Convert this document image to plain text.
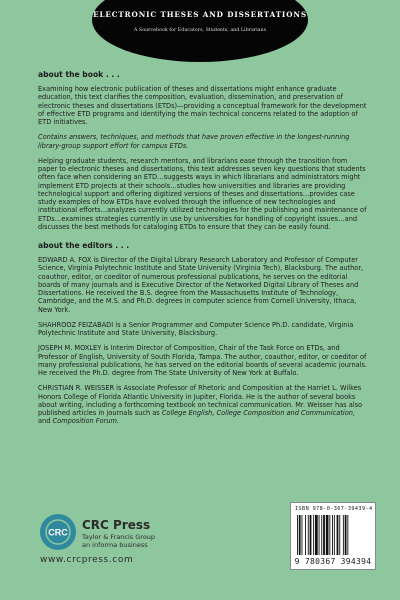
ELECTRONIC THESES AND DISSERTATIONS
A Sourcebook for Educators, Students, and Librarians
about the book . . .
Examining how electronic publication of theses and dissertations might enhance graduate education, this text clarifies the composition, evaluation, dissemination, and preservation of electronic theses and dissertations (ETDs)—providing a conceptual framework for the development of effective ETD programs and identifying the main technical concerns related to the adoption of ETD initiatives.
Contains answers, techniques, and methods that have proven effective in the longest-running library-group support effort for campus ETDs.
Helping graduate students, research mentors, and librarians ease through the transition from paper to electronic theses and dissertations, this text addresses seven key questions that students often face when considering an ETD…suggests ways in which librarians and administrators might implement ETD projects at their schools…studies how universities and libraries are providing technological support and offering digitized versions of theses and dissertations…provides case study examples of how ETDs have evolved through the influence of new technologies and institutional efforts…analyzes currently utilized technologies for the publishing and maintenance of ETDs…examines strategies currently in use by universities for handling of copyright issues…and discusses the best methods for cataloging ETDs to ensure that they can be easily found.
about the editors . . .
EDWARD A. FOX is Director of the Digital Library Research Laboratory and Professor of Computer Science, Virginia Polytechnic Institute and State University (Virginia Tech), Blacksburg. The author, coauthor, editor, or coeditor of numerous professional publications, he serves on the editorial boards of many journals and is Executive Director of the Networked Digital Library of Theses and Dissertations. He received the B.S. degree from the Massachusetts Institute of Technology, Cambridge, and the M.S. and Ph.D. degrees in computer science from Cornell University, Ithaca, New York.
SHAHROOZ FEIZABADI is a Senior Programmer and Computer Science Ph.D. candidate, Virginia Polytechnic Institute and State University, Blacksburg.
JOSEPH M. MOXLEY is Interim Director of Composition, Chair of the Task Force on ETDs, and Professor of English, University of South Florida, Tampa. The author, coauthor, editor, or coeditor of many professional publications, he has served on the editorial boards of several academic journals. He received the Ph.D. degree from The State University of New York at Buffalo.
CHRISTIAN R. WEISSER is Associate Professor of Rhetoric and Composition at the Harriet L. Wilkes Honors College of Florida Atlantic University in Jupiter, Florida. He is the author of several books about writing, including a forthcoming textbook on technical communication. Mr. Weisser has also published articles in journals such as College English, College Composition and Communication, and Composition Forum.
CRC
CRC Press
Taylor & Francis Group
an informa business
www.crcpress.com
ISBN 978-0-367-39439-4
9 780367 394394
